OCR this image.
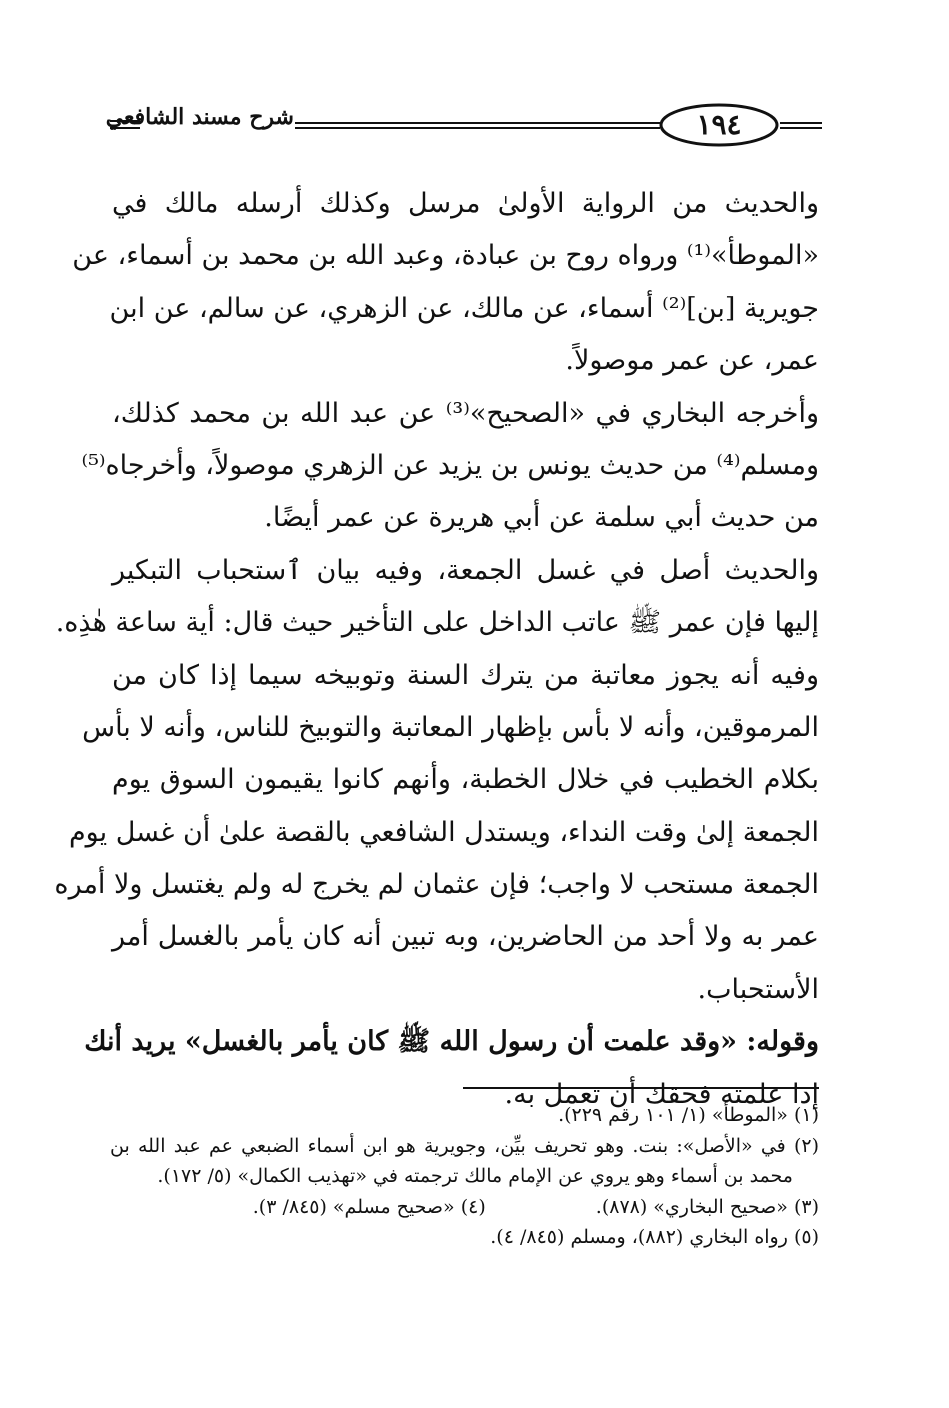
شرح مسند الشافعي	١٩٤
والحديث من الرواية الأولىٰ مرسل وكذلك أرسله مالك في
«الموطأ»⁽¹⁾ ورواه روح بن عبادة، وعبد الله بن محمد بن أسماء، عن
جويرية [بن]⁽²⁾ أسماء، عن مالك، عن الزهري، عن سالم، عن ابن
عمر، عن عمر موصولاً.
وأخرجه البخاري في «الصحيح»⁽³⁾ عن عبد الله بن محمد كذلك،
ومسلم⁽⁴⁾ من حديث يونس بن يزيد عن الزهري موصولاً، وأخرجاه⁽⁵⁾
من حديث أبي سلمة عن أبي هريرة عن عمر أيضًا.
والحديث أصل في غسل الجمعة، وفيه بيان ٱستحباب التبكير
إليها فإن عمر ﷺ عاتب الداخل على التأخير حيث قال: أية ساعة هٰذِه.
وفيه أنه يجوز معاتبة من يترك السنة وتوبيخه سيما إذا كان من
المرموقين، وأنه لا بأس بإظهار المعاتبة والتوبيخ للناس، وأنه لا بأس
بكلام الخطيب في خلال الخطبة، وأنهم كانوا يقيمون السوق يوم
الجمعة إلىٰ وقت النداء، ويستدل الشافعي بالقصة علىٰ أن غسل يوم
الجمعة مستحب لا واجب؛ فإن عثمان لم يخرج له ولم يغتسل ولا أمره
عمر به ولا أحد من الحاضرين، وبه تبين أنه كان يأمر بالغسل أمر
الأستحباب.
وقوله: «وقد علمت أن رسول الله ﷺ كان يأمر بالغسل» يريد أنك
إذا علمته فحقك أن تعمل به.
(١) «الموطأ» (١/ ١٠١ رقم ٢٢٩).
(٢) في «الأصل»: بنت. وهو تحريف بيِّن، وجويرية هو ابن أسماء الضبعي عم عبد الله بن
محمد بن أسماء وهو يروي عن الإمام مالك ترجمته في «تهذيب الكمال» (٥/ ١٧٢).
(٣) «صحيح البخاري» (٨٧٨).
(٤) «صحيح مسلم» (٨٤٥/ ٣).
(٥) رواه البخاري (٨٨٢)، ومسلم (٨٤٥/ ٤).
